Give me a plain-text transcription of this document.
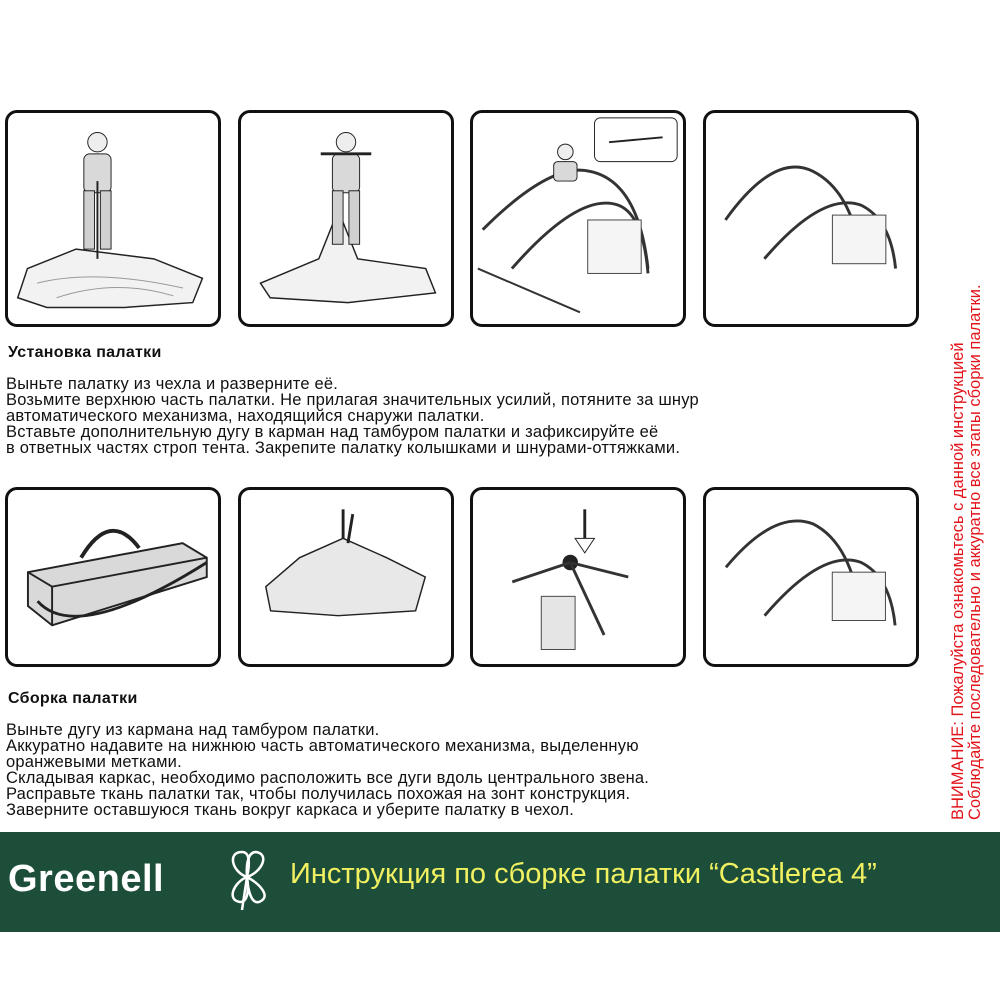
Установка палатки
Выньте палатку из чехла и разверните её.
Возьмите верхнюю часть палатки. Не прилагая значительных усилий, потяните за шнур
автоматического механизма, находящийся снаружи палатки.
Вставьте дополнительную дугу в карман над тамбуром палатки и зафиксируйте её
в ответных частях строп тента. Закрепите палатку колышками и шнурами-оттяжками.
Сборка палатки
Выньте дугу из кармана над тамбуром палатки.
Аккуратно надавите на нижнюю часть автоматического механизма, выделенную
оранжевыми метками.
Складывая каркас, необходимо расположить все дуги вдоль центрального звена.
Расправьте ткань палатки так, чтобы получилась похожая на зонт конструкция.
Заверните оставшуюся ткань вокруг каркаса и уберите палатку в чехол.	ВНИМАНИЕ: Пожалуйста ознакомьтесь с данной инструкцией Соблюдайте последовательно и аккуратно все этапы сборки палатки.
Greenell	Инструкция по сборке палатки “Castlerea 4”
